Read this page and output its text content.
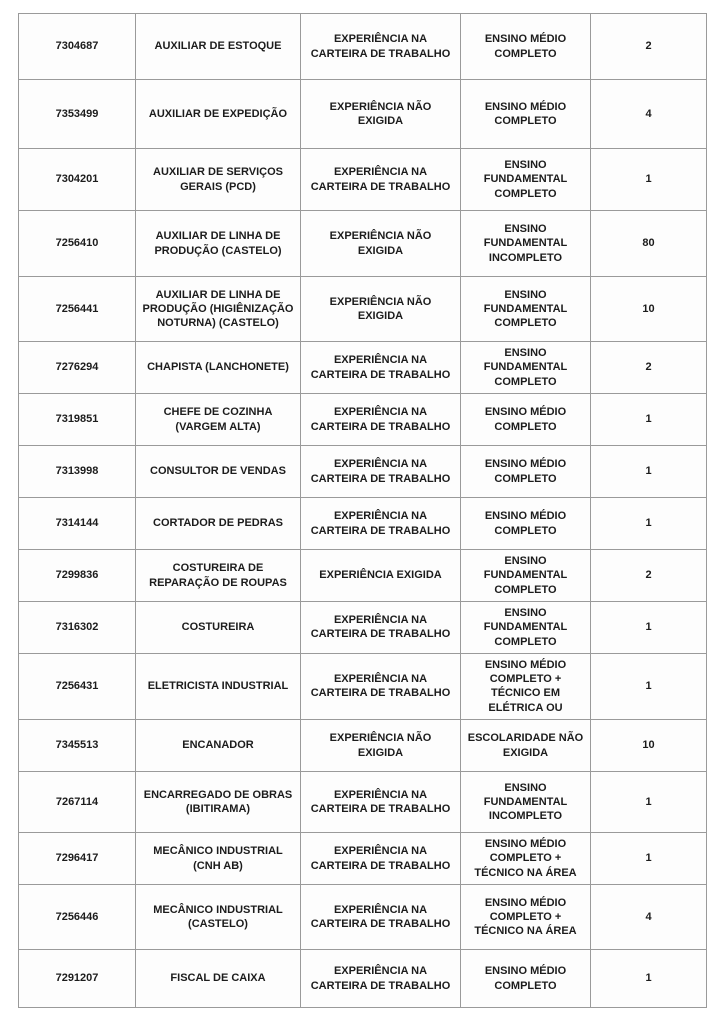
7304687	AUXILIAR DE ESTOQUE	EXPERIÊNCIA NA CARTEIRA DE TRABALHO	ENSINO MÉDIO COMPLETO	2
7353499	AUXILIAR DE EXPEDIÇÃO	EXPERIÊNCIA NÃO EXIGIDA	ENSINO MÉDIO COMPLETO	4
7304201	AUXILIAR DE SERVIÇOS GERAIS (PCD)	EXPERIÊNCIA NA CARTEIRA DE TRABALHO	ENSINO FUNDAMENTAL COMPLETO	1
7256410	AUXILIAR DE LINHA DE PRODUÇÃO (CASTELO)	EXPERIÊNCIA NÃO EXIGIDA	ENSINO FUNDAMENTAL INCOMPLETO	80
7256441	AUXILIAR DE LINHA DE PRODUÇÃO (HIGIÊNIZAÇÃO NOTURNA) (CASTELO)	EXPERIÊNCIA NÃO EXIGIDA	ENSINO FUNDAMENTAL COMPLETO	10
7276294	CHAPISTA (LANCHONETE)	EXPERIÊNCIA NA CARTEIRA DE TRABALHO	ENSINO FUNDAMENTAL COMPLETO	2
7319851	CHEFE DE COZINHA (VARGEM ALTA)	EXPERIÊNCIA NA CARTEIRA DE TRABALHO	ENSINO MÉDIO COMPLETO	1
7313998	CONSULTOR DE VENDAS	EXPERIÊNCIA NA CARTEIRA DE TRABALHO	ENSINO MÉDIO COMPLETO	1
7314144	CORTADOR DE PEDRAS	EXPERIÊNCIA NA CARTEIRA DE TRABALHO	ENSINO MÉDIO COMPLETO	1
7299836	COSTUREIRA DE REPARAÇÃO DE ROUPAS	EXPERIÊNCIA EXIGIDA	ENSINO FUNDAMENTAL COMPLETO	2
7316302	COSTUREIRA	EXPERIÊNCIA NA CARTEIRA DE TRABALHO	ENSINO FUNDAMENTAL COMPLETO	1
7256431	ELETRICISTA INDUSTRIAL	EXPERIÊNCIA NA CARTEIRA DE TRABALHO	ENSINO MÉDIO COMPLETO + TÉCNICO EM ELÉTRICA OU	1
7345513	ENCANADOR	EXPERIÊNCIA NÃO EXIGIDA	ESCOLARIDADE NÃO EXIGIDA	10
7267114	ENCARREGADO DE OBRAS (IBITIRAMA)	EXPERIÊNCIA NA CARTEIRA DE TRABALHO	ENSINO FUNDAMENTAL INCOMPLETO	1
7296417	MECÂNICO INDUSTRIAL (CNH AB)	EXPERIÊNCIA NA CARTEIRA DE TRABALHO	ENSINO MÉDIO COMPLETO + TÉCNICO NA ÁREA	1
7256446	MECÂNICO INDUSTRIAL (CASTELO)	EXPERIÊNCIA NA CARTEIRA DE TRABALHO	ENSINO MÉDIO COMPLETO + TÉCNICO NA ÁREA	4
7291207	FISCAL DE CAIXA	EXPERIÊNCIA NA CARTEIRA DE TRABALHO	ENSINO MÉDIO COMPLETO	1
